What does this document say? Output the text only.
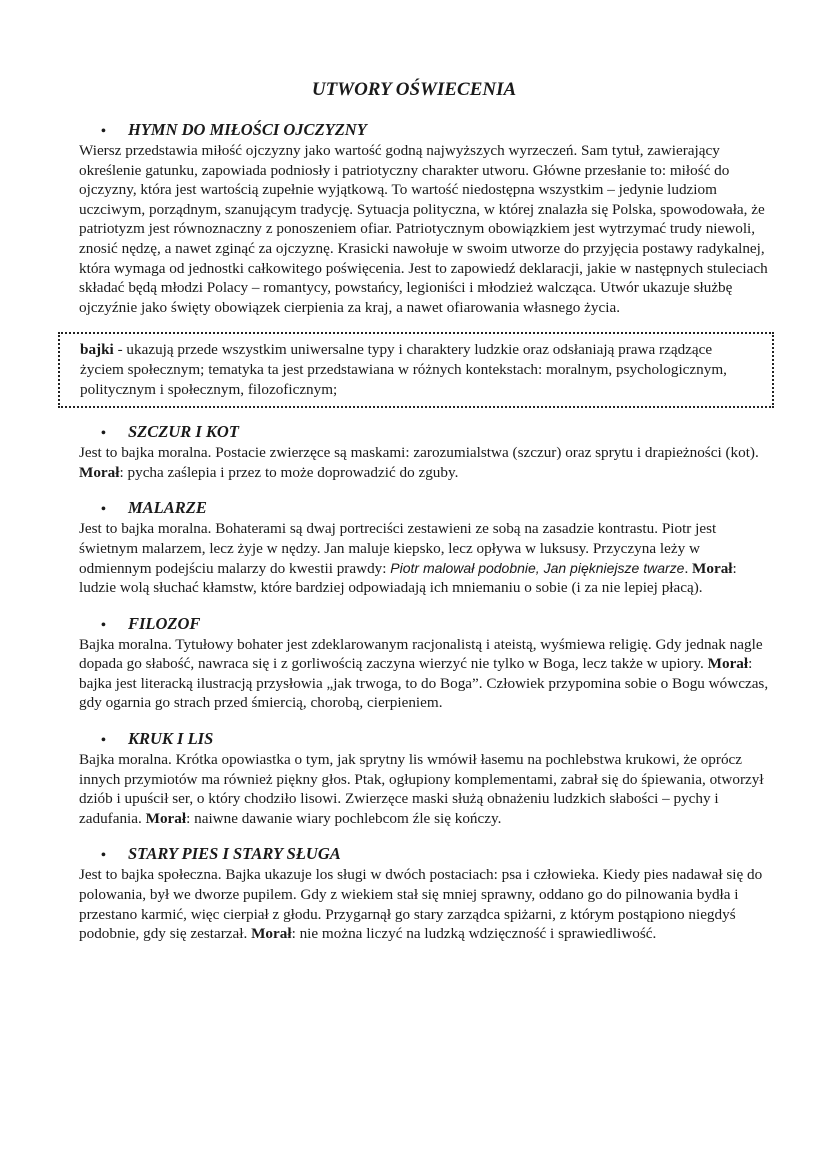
UTWORY OŚWIECENIA
•	HYMN DO MIŁOŚCI OJCZYZNY

Wiersz przedstawia miłość ojczyzny jako wartość godną najwyższych wyrzeczeń. Sam tytuł, zawierający określenie gatunku, zapowiada podniosły i patriotyczny charakter utworu. Główne przesłanie to: miłość do ojczyzny, która jest wartością zupełnie wyjątkową. To wartość niedostępna wszystkim – jedynie ludziom uczciwym, porządnym, szanującym tradycję. Sytuacja polityczna, w której znalazła się Polska, spowodowała, że patriotyzm jest równoznaczny z ponoszeniem ofiar. Patriotycznym obowiązkiem jest wytrzymać trudy niewoli, znosić nędzę, a nawet zginąć za ojczyznę. Krasicki nawołuje w swoim utworze do przyjęcia postawy radykalnej, która wymaga od jednostki całkowitego poświęcenia. Jest to zapowiedź deklaracji, jakie w następnych stuleciach składać będą młodzi Polacy – romantycy, powstańcy, legioniści i młodzież walcząca. Utwór ukazuje służbę ojczyźnie jako święty obowiązek cierpienia za kraj, a nawet ofiarowania własnego życia.

bajki - ukazują przede wszystkim uniwersalne typy i charaktery ludzkie oraz odsłaniają prawa rządzące życiem społecznym; tematyka ta jest przedstawiana w różnych kontekstach: moralnym, psychologicznym, politycznym i społecznym, filozoficznym;
•	SZCZUR I KOT

Jest to bajka moralna. Postacie zwierzęce są maskami: zarozumialstwa (szczur) oraz sprytu i drapieżności (kot). Morał: pycha zaślepia i przez to może doprowadzić do zguby.

•	MALARZE

Jest to bajka moralna. Bohaterami są dwaj portreciści zestawieni ze sobą na zasadzie kontrastu. Piotr jest świetnym malarzem, lecz żyje w nędzy. Jan maluje kiepsko, lecz opływa w luksusy. Przyczyna leży w odmiennym podejściu malarzy do kwestii prawdy: Piotr malował podobnie, Jan piękniejsze twarze. Morał: ludzie wolą słuchać kłamstw, które bardziej odpowiadają ich mniemaniu o sobie (i za nie lepiej płacą).

•	FILOZOF

Bajka moralna. Tytułowy bohater jest zdeklarowanym racjonalistą i ateistą, wyśmiewa religię. Gdy jednak nagle dopada go słabość, nawraca się i z gorliwością zaczyna wierzyć nie tylko w Boga, lecz także w upiory. Morał: bajka jest literacką ilustracją przysłowia „jak trwoga, to do Boga”. Człowiek przypomina sobie o Bogu wówczas, gdy ogarnia go strach przed śmiercią, chorobą, cierpieniem.

•	KRUK I LIS

Bajka moralna. Krótka opowiastka o tym, jak sprytny lis wmówił łasemu na pochlebstwa krukowi, że oprócz innych przymiotów ma również piękny głos. Ptak, ogłupiony komplementami, zabrał się do śpiewania, otworzył dziób i upuścił ser, o który chodziło lisowi. Zwierzęce maski służą obnażeniu ludzkich słabości – pychy i zadufania. Morał: naiwne dawanie wiary pochlebcom źle się kończy.

•	STARY PIES I STARY SŁUGA

Jest to bajka społeczna. Bajka ukazuje los sługi w dwóch postaciach: psa i człowieka. Kiedy pies nadawał się do polowania, był we dworze pupilem. Gdy z wiekiem stał się mniej sprawny, oddano go do pilnowania bydła i przestano karmić, więc cierpiał z głodu. Przygarnął go stary zarządca spiżarni, z którym postąpiono niegdyś podobnie, gdy się zestarzał. Morał: nie można liczyć na ludzką wdzięczność i sprawiedliwość.
